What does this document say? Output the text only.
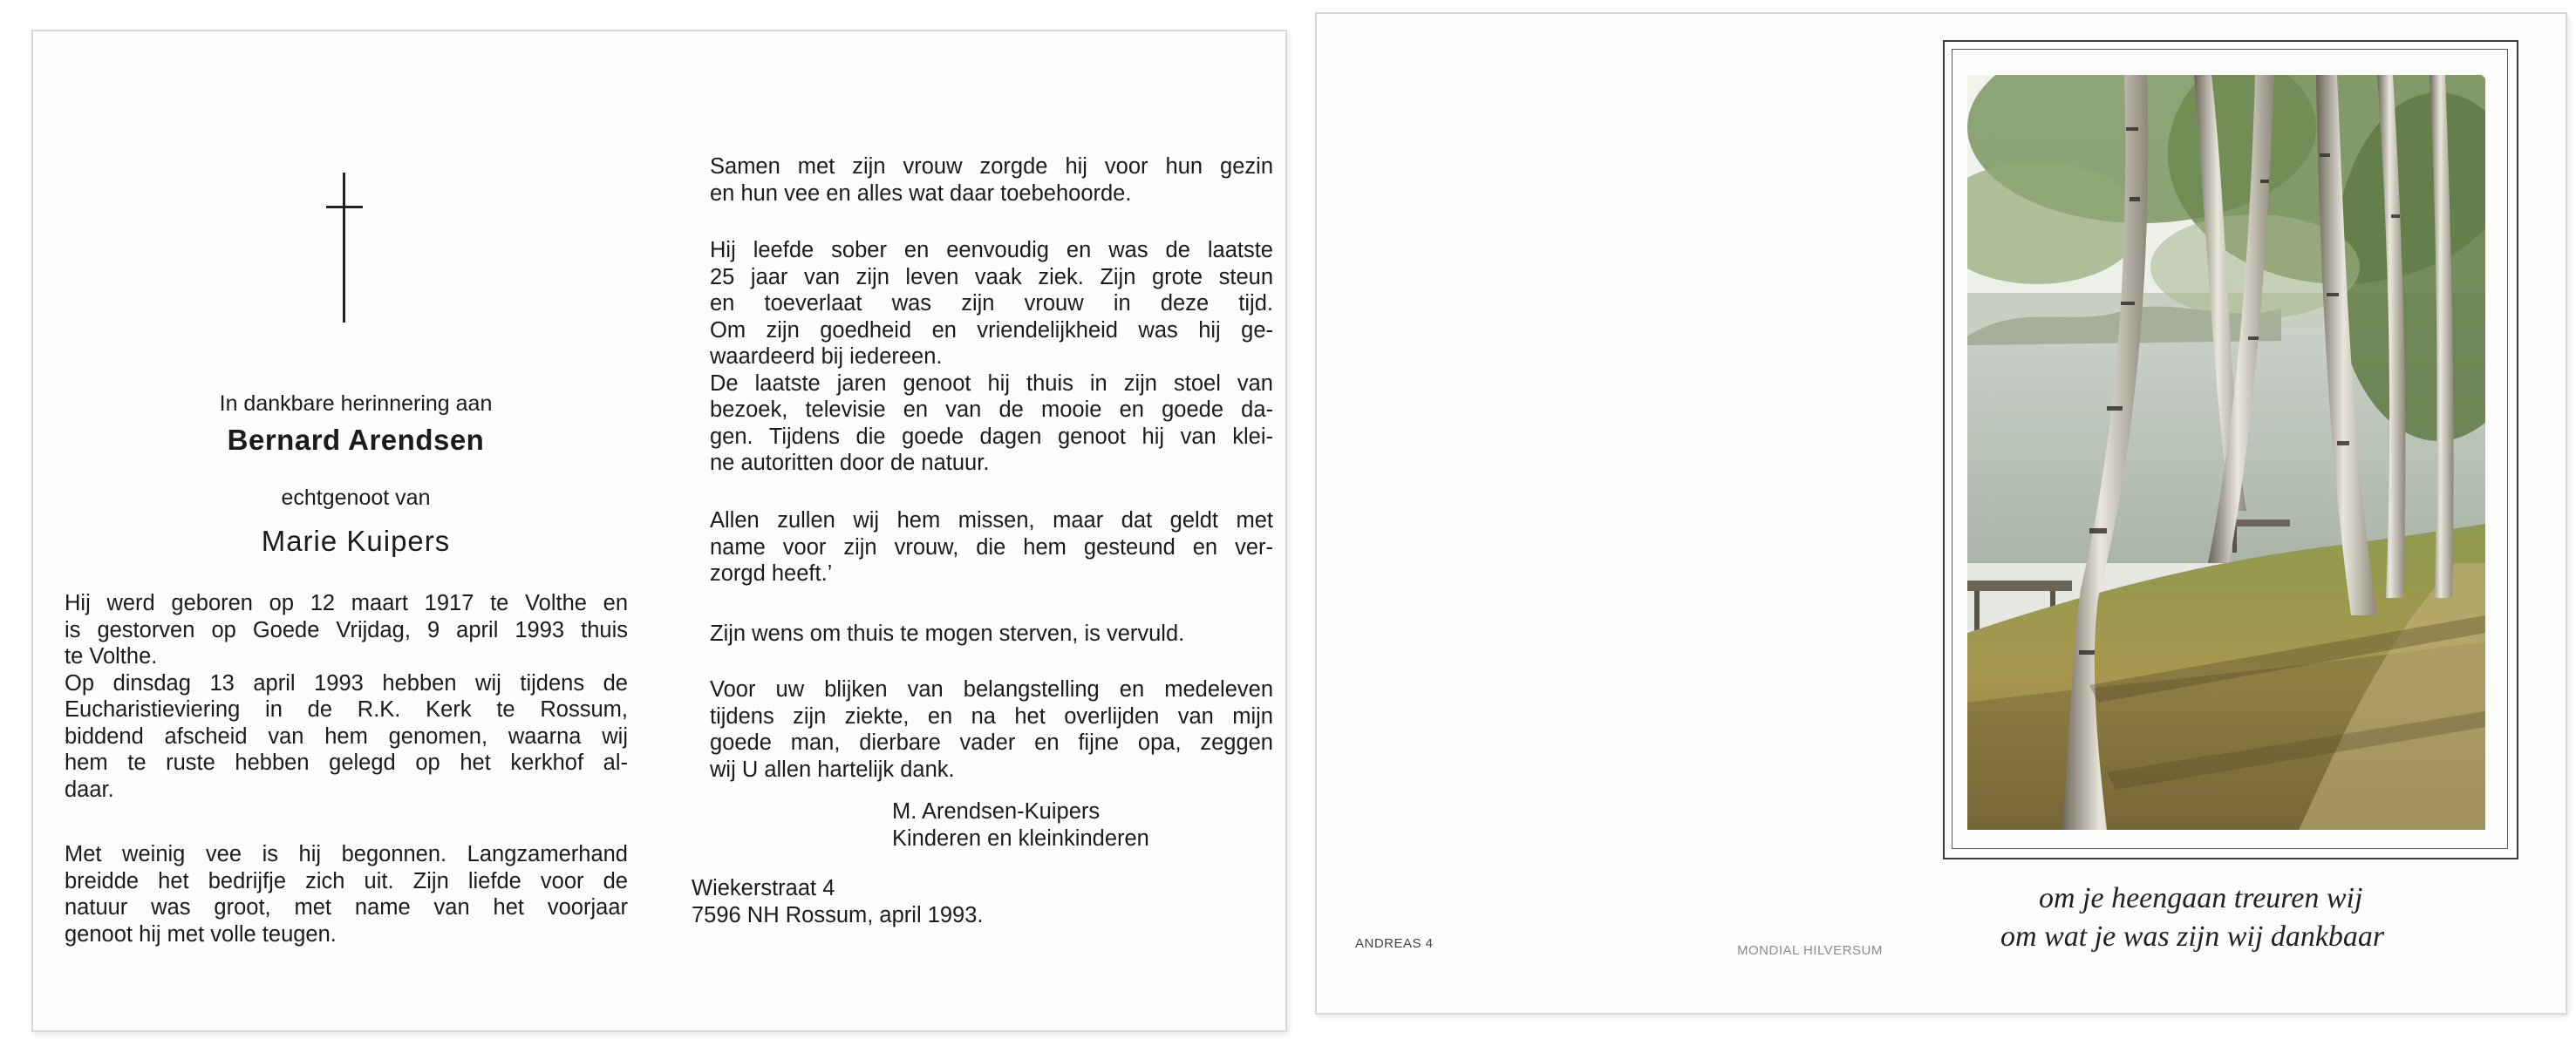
In dankbare herinnering aan
Bernard Arendsen
echtgenoot van
Marie Kuipers
Hij werd geboren op 12 maart 1917 te Volthe en
is gestorven op Goede Vrijdag, 9 april 1993 thuis
te Volthe.
Op dinsdag 13 april 1993 hebben wij tijdens de
Eucharistieviering in de R.K. Kerk te Rossum,
biddend afscheid van hem genomen, waarna wij
hem te ruste hebben gelegd op het kerkhof al-
daar.
Met weinig vee is hij begonnen. Langzamerhand
breidde het bedrijfje zich uit. Zijn liefde voor de
natuur was groot, met name van het voorjaar
genoot hij met volle teugen.
Samen met zijn vrouw zorgde hij voor hun gezin
en hun vee en alles wat daar toebehoorde.
Hij leefde sober en eenvoudig en was de laatste
25 jaar van zijn leven vaak ziek. Zijn grote steun
en toeverlaat was zijn vrouw in deze tijd.
Om zijn goedheid en vriendelijkheid was hij ge-
waardeerd bij iedereen.
De laatste jaren genoot hij thuis in zijn stoel van
bezoek, televisie en van de mooie en goede da-
gen. Tijdens die goede dagen genoot hij van klei-
ne autoritten door de natuur.
Allen zullen wij hem missen, maar dat geldt met
name voor zijn vrouw, die hem gesteund en ver-
zorgd heeft.’
Zijn wens om thuis te mogen sterven, is vervuld.
Voor uw blijken van belangstelling en medeleven
tijdens zijn ziekte, en na het overlijden van mijn
goede man, dierbare vader en fijne opa, zeggen
wij U allen hartelijk dank.
M. Arendsen-Kuipers
Kinderen en kleinkinderen
Wiekerstraat 4
7596 NH Rossum, april 1993.
om je heengaan treuren wij
om wat je was zijn wij dankbaar
ANDREAS 4	MONDIAL HILVERSUM
